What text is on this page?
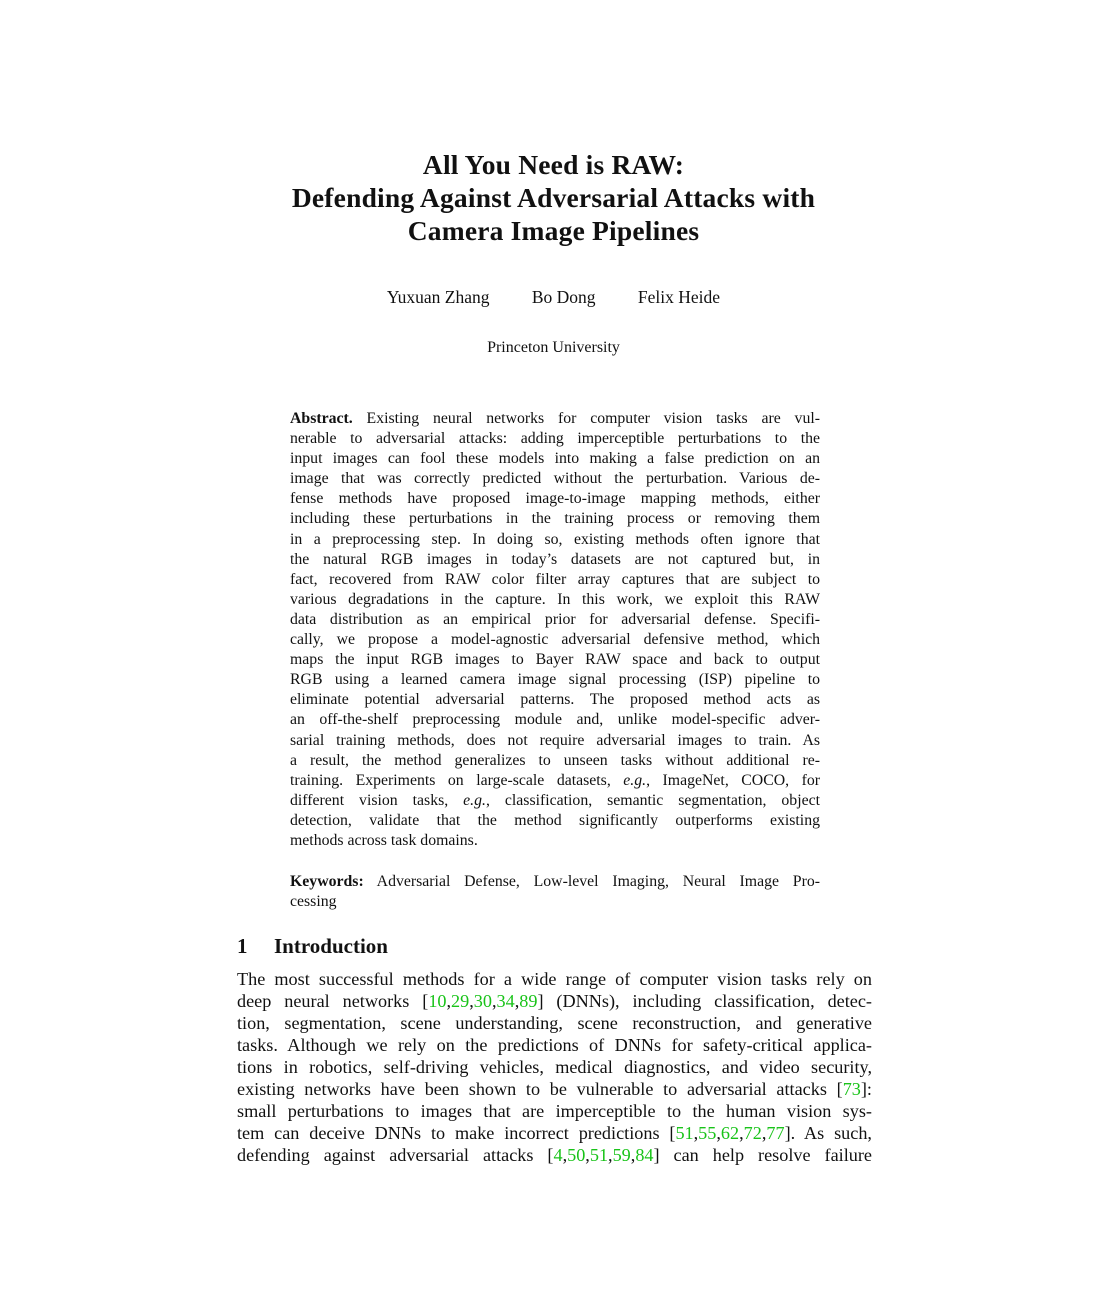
All You Need is RAW:
Defending Against Adversarial Attacks with
Camera Image Pipelines
Yuxuan Zhang Bo Dong Felix Heide
Princeton University
Abstract. Existing neural networks for computer vision tasks are vul-
nerable to adversarial attacks: adding imperceptible perturbations to the
input images can fool these models into making a false prediction on an
image that was correctly predicted without the perturbation. Various de-
fense methods have proposed image-to-image mapping methods, either
including these perturbations in the training process or removing them
in a preprocessing step. In doing so, existing methods often ignore that
the natural RGB images in today’s datasets are not captured but, in
fact, recovered from RAW color filter array captures that are subject to
various degradations in the capture. In this work, we exploit this RAW
data distribution as an empirical prior for adversarial defense. Specifi-
cally, we propose a model-agnostic adversarial defensive method, which
maps the input RGB images to Bayer RAW space and back to output
RGB using a learned camera image signal processing (ISP) pipeline to
eliminate potential adversarial patterns. The proposed method acts as
an off-the-shelf preprocessing module and, unlike model-specific adver-
sarial training methods, does not require adversarial images to train. As
a result, the method generalizes to unseen tasks without additional re-
training. Experiments on large-scale datasets, e.g., ImageNet, COCO, for
different vision tasks, e.g., classification, semantic segmentation, object
detection, validate that the method significantly outperforms existing
methods across task domains.
Keywords: Adversarial Defense, Low-level Imaging, Neural Image Pro-
cessing
1 Introduction
The most successful methods for a wide range of computer vision tasks rely on
deep neural networks [10,29,30,34,89] (DNNs), including classification, detec-
tion, segmentation, scene understanding, scene reconstruction, and generative
tasks. Although we rely on the predictions of DNNs for safety-critical applica-
tions in robotics, self-driving vehicles, medical diagnostics, and video security,
existing networks have been shown to be vulnerable to adversarial attacks [73]:
small perturbations to images that are imperceptible to the human vision sys-
tem can deceive DNNs to make incorrect predictions [51,55,62,72,77]. As such,
defending against adversarial attacks [4,50,51,59,84] can help resolve failure
